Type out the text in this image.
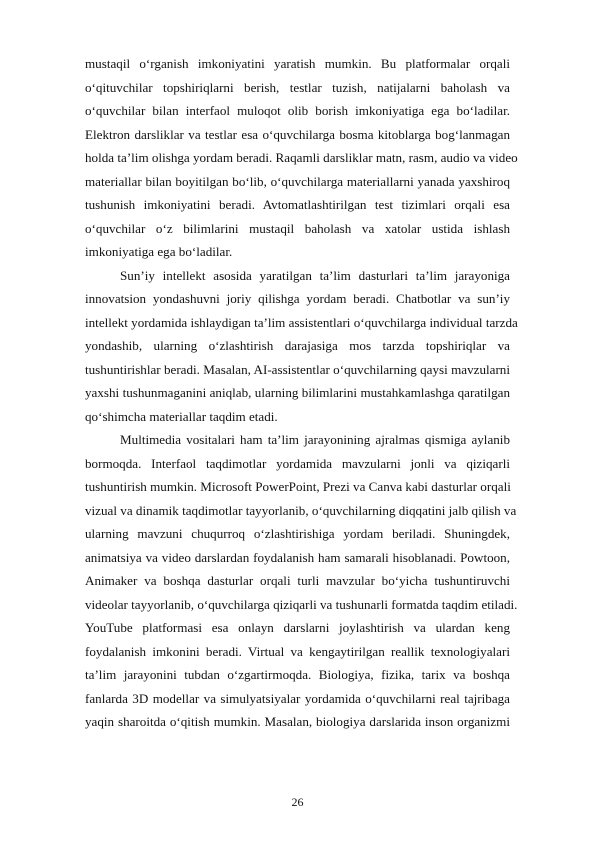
mustaqil o‘rganish imkoniyatini yaratish mumkin. Bu platformalar orqali
o‘qituvchilar topshiriqlarni berish, testlar tuzish, natijalarni baholash va
o‘quvchilar bilan interfaol muloqot olib borish imkoniyatiga ega bo‘ladilar.
Elektron darsliklar va testlar esa o‘quvchilarga bosma kitoblarga bog‘lanmagan
holda ta’lim olishga yordam beradi. Raqamli darsliklar matn, rasm, audio va video
materiallar bilan boyitilgan bo‘lib, o‘quvchilarga materiallarni yanada yaxshiroq
tushunish imkoniyatini beradi. Avtomatlashtirilgan test tizimlari orqali esa
o‘quvchilar o‘z bilimlarini mustaqil baholash va xatolar ustida ishlash
imkoniyatiga ega bo‘ladilar.
Sun’iy intellekt asosida yaratilgan ta’lim dasturlari ta’lim jarayoniga
innovatsion yondashuvni joriy qilishga yordam beradi. Chatbotlar va sun’iy
intellekt yordamida ishlaydigan ta’lim assistentlari o‘quvchilarga individual tarzda
yondashib, ularning o‘zlashtirish darajasiga mos tarzda topshiriqlar va
tushuntirishlar beradi. Masalan, AI-assistentlar o‘quvchilarning qaysi mavzularni
yaxshi tushunmaganini aniqlab, ularning bilimlarini mustahkamlashga qaratilgan
qo‘shimcha materiallar taqdim etadi.
Multimedia vositalari ham ta’lim jarayonining ajralmas qismiga aylanib
bormoqda. Interfaol taqdimotlar yordamida mavzularni jonli va qiziqarli
tushuntirish mumkin. Microsoft PowerPoint, Prezi va Canva kabi dasturlar orqali
vizual va dinamik taqdimotlar tayyorlanib, o‘quvchilarning diqqatini jalb qilish va
ularning mavzuni chuqurroq o‘zlashtirishiga yordam beriladi. Shuningdek,
animatsiya va video darslardan foydalanish ham samarali hisoblanadi. Powtoon,
Animaker va boshqa dasturlar orqali turli mavzular bo‘yicha tushuntiruvchi
videolar tayyorlanib, o‘quvchilarga qiziqarli va tushunarli formatda taqdim etiladi.
YouTube platformasi esa onlayn darslarni joylashtirish va ulardan keng
foydalanish imkonini beradi. Virtual va kengaytirilgan reallik texnologiyalari
ta’lim jarayonini tubdan o‘zgartirmoqda. Biologiya, fizika, tarix va boshqa
fanlarda 3D modellar va simulyatsiyalar yordamida o‘quvchilarni real tajribaga
yaqin sharoitda o‘qitish mumkin. Masalan, biologiya darslarida inson organizmi
26
